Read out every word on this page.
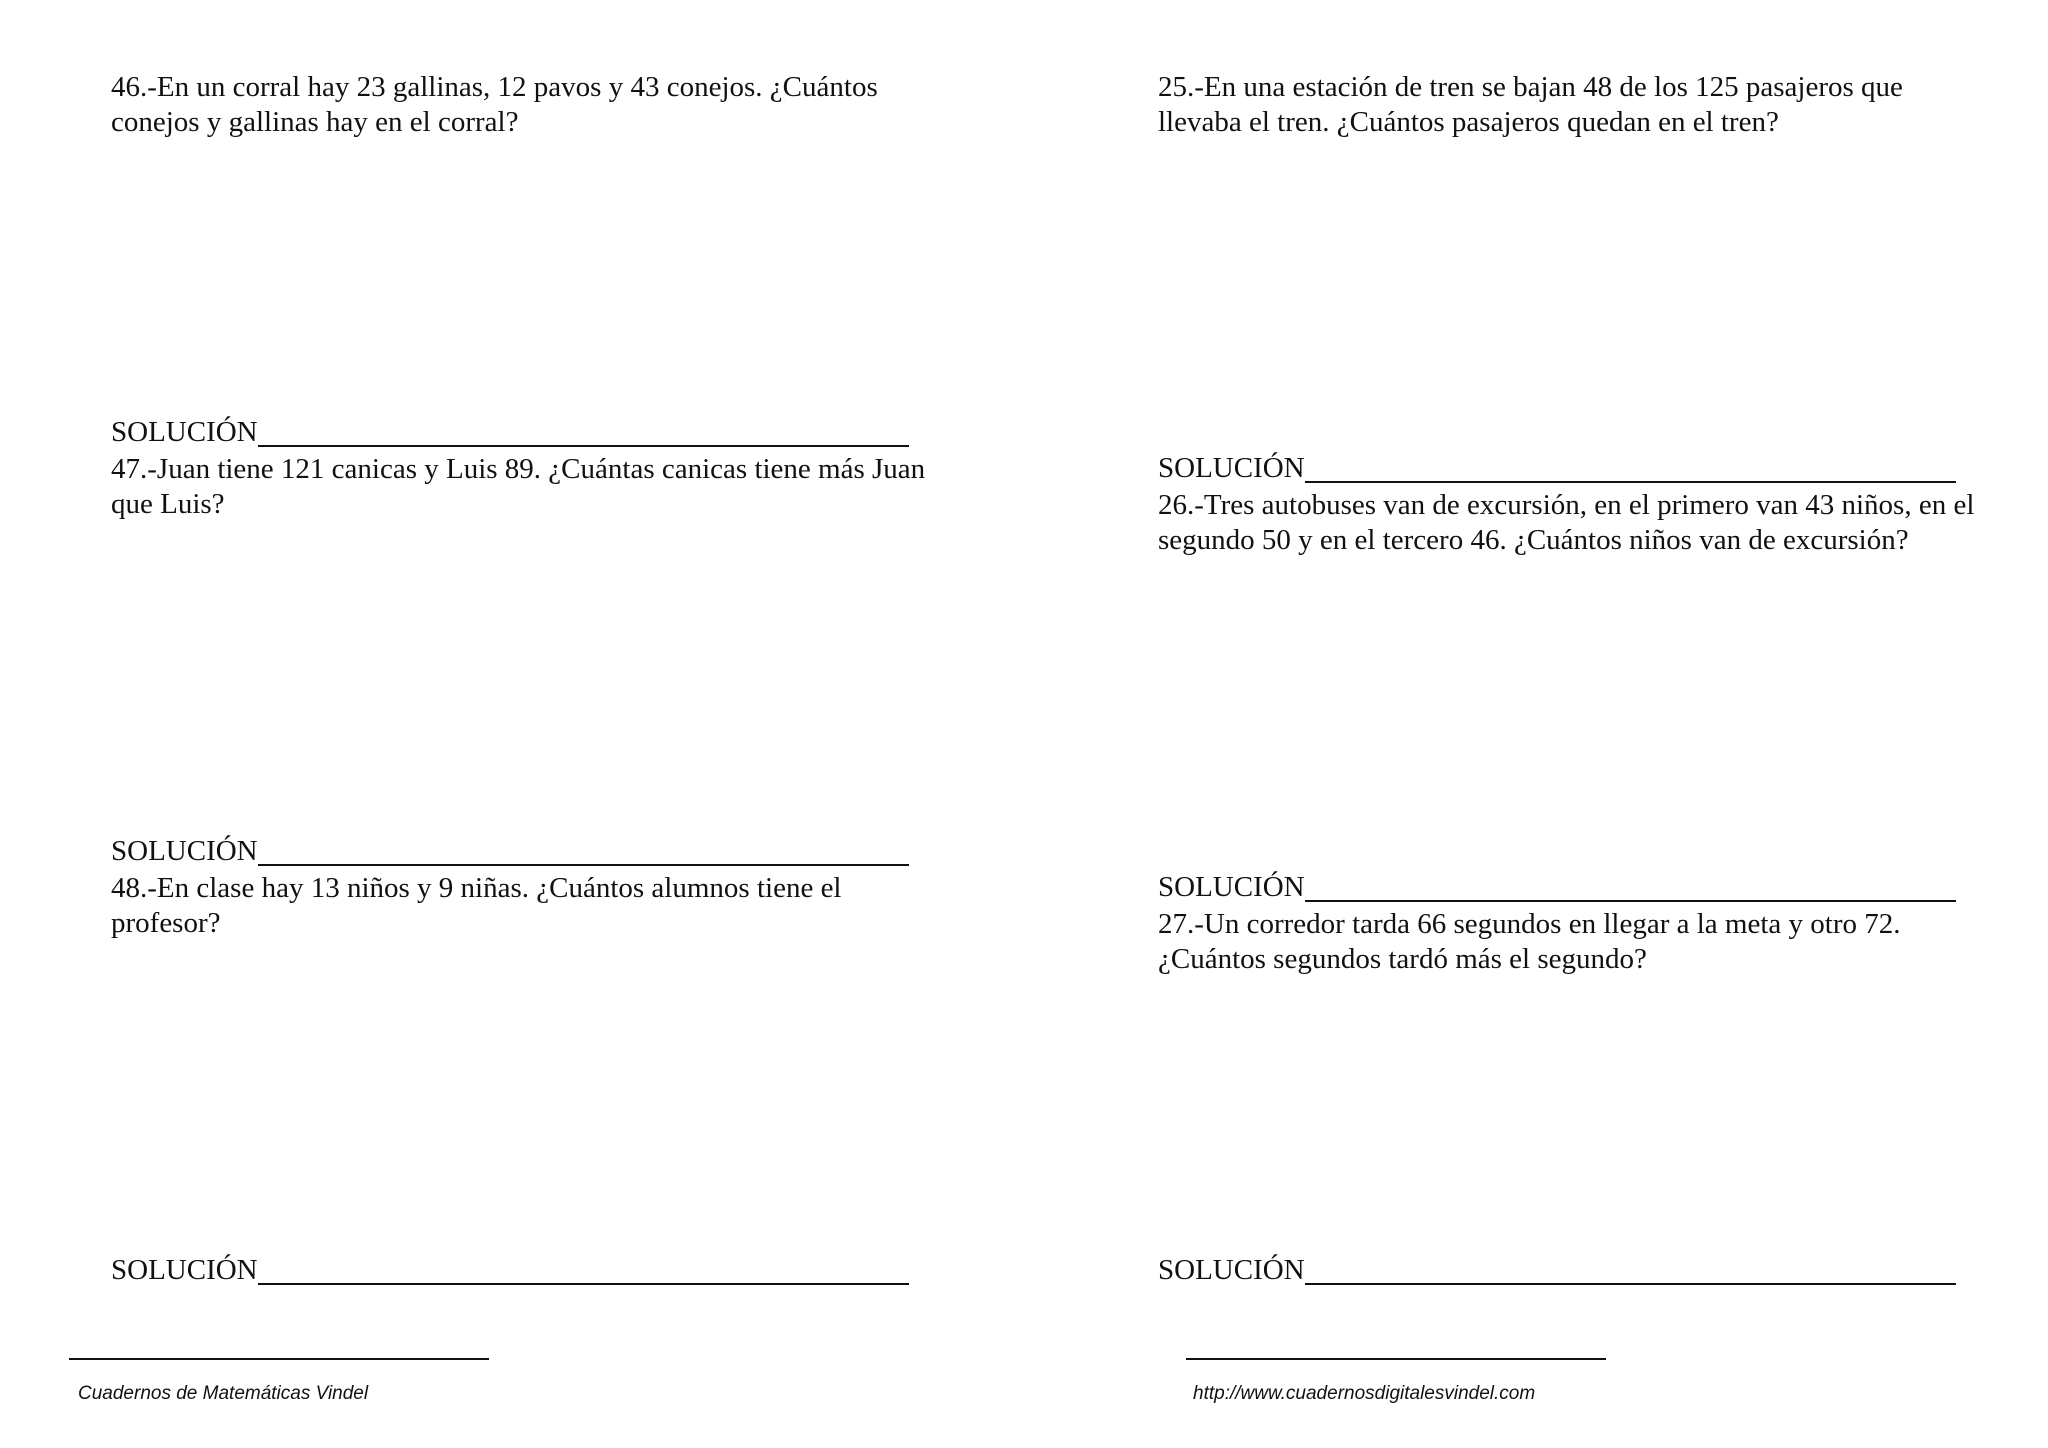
46.-En un corral hay 23 gallinas, 12 pavos y 43 conejos. ¿Cuántos conejos y gallinas hay en el corral?

SOLUCIÓN

47.-Juan tiene 121 canicas y Luis 89. ¿Cuántas canicas tiene más Juan que Luis?

SOLUCIÓN

48.-En clase hay 13 niños y 9 niñas. ¿Cuántos alumnos tiene el profesor?

SOLUCIÓN

25.-En una estación de tren se bajan 48 de los 125 pasajeros que llevaba el tren. ¿Cuántos pasajeros quedan en el tren?

SOLUCIÓN

26.-Tres autobuses van de excursión, en el primero van 43 niños, en el segundo 50 y en el tercero 46. ¿Cuántos niños van de excursión?

SOLUCIÓN

27.-Un corredor tarda 66 segundos en llegar a la meta y otro 72. ¿Cuántos segundos tardó más el segundo?

SOLUCIÓN
Cuadernos de Matemáticas Vindel	http://www.cuadernosdigitalesvindel.com
